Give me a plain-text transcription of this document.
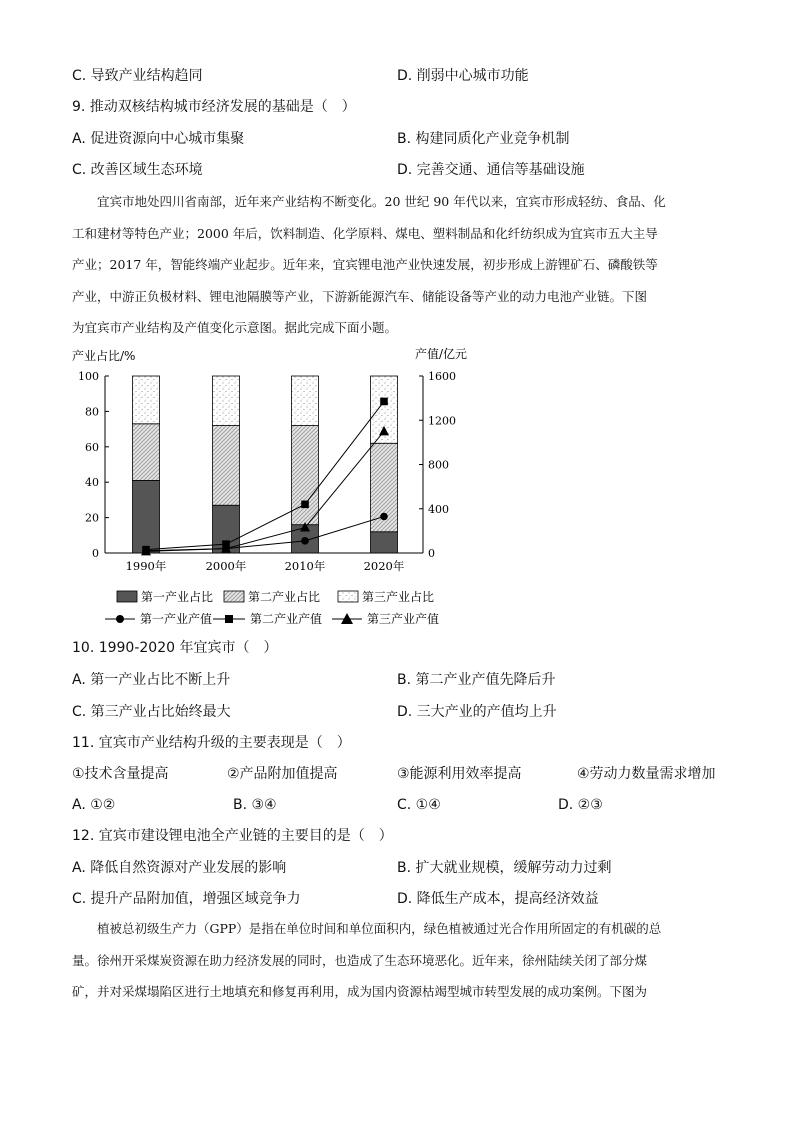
C. 导致产业结构趋同	D. 削弱中心城市功能
9. 推动双核结构城市经济发展的基础是（　）
A. 促进资源向中心城市集聚	B. 构建同质化产业竞争机制
C. 改善区域生态环境	D. 完善交通、通信等基础设施
宜宾市地处四川省南部，近年来产业结构不断变化。20 世纪 90 年代以来，宜宾市形成轻纺、食品、化
工和建材等特色产业；2000 年后，饮料制造、化学原料、煤电、塑料制品和化纤纺织成为宜宾市五大主导
产业；2017 年，智能终端产业起步。近年来，宜宾锂电池产业快速发展，初步形成上游锂矿石、磷酸铁等
产业，中游正负极材料、锂电池隔膜等产业，下游新能源汽车、储能设备等产业的动力电池产业链。下图
为宜宾市产业结构及产值变化示意图。据此完成下面小题。
产业占比/%	产值/亿元
0
20
40
60
80
100
0
400
800
1200
1600
1990年	2000年	2010年	2020年
第一产业占比	第二产业占比	第三产业占比
第一产业产值	第二产业产值	第三产业产值
10. 1990-2020 年宜宾市（　）
A. 第一产业占比不断上升	B. 第二产业产值先降后升
C. 第三产业占比始终最大	D. 三大产业的产值均上升
11. 宜宾市产业结构升级的主要表现是（　）
①技术含量提高	②产品附加值提高	③能源利用效率提高	④劳动力数量需求增加
A. ①②	B. ③④	C. ①④	D. ②③
12. 宜宾市建设锂电池全产业链的主要目的是（　）
A. 降低自然资源对产业发展的影响	B. 扩大就业规模，缓解劳动力过剩
C. 提升产品附加值，增强区域竞争力	D. 降低生产成本，提高经济效益
植被总初级生产力（GPP）是指在单位时间和单位面积内，绿色植被通过光合作用所固定的有机碳的总
量。徐州开采煤炭资源在助力经济发展的同时，也造成了生态环境恶化。近年来，徐州陆续关闭了部分煤
矿，并对采煤塌陷区进行土地填充和修复再利用，成为国内资源枯竭型城市转型发展的成功案例。下图为
